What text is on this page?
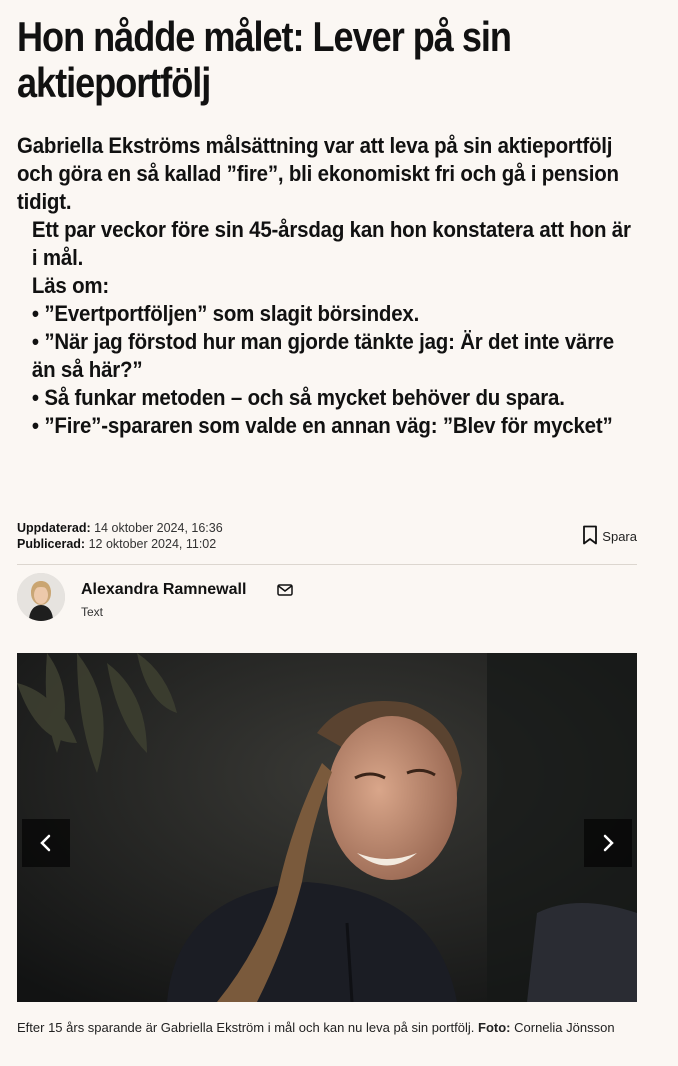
Hon nådde målet: Lever på sin aktieportfölj

Gabriella Ekströms målsättning var att leva på sin aktieportfölj och göra en så kallad ”fire”, bli ekonomiskt fri och gå i pension tidigt.

Ett par veckor före sin 45-årsdag kan hon konstatera att hon är i mål.

Läs om:

• ”Evertportföljen” som slagit börsindex.

• ”När jag förstod hur man gjorde tänkte jag: Är det inte värre än så här?”

• Så funkar metoden – och så mycket behöver du spara.

• ”Fire”-spararen som valde en annan väg: ”Blev för mycket”

Uppdaterad: 14 oktober 2024, 16:36
Publicerad: 12 oktober 2024, 11:02	Spara
Alexandra Ramnewall
Text
Efter 15 års sparande är Gabriella Ekström i mål och kan nu leva på sin portfölj. Foto: Cornelia Jönsson
